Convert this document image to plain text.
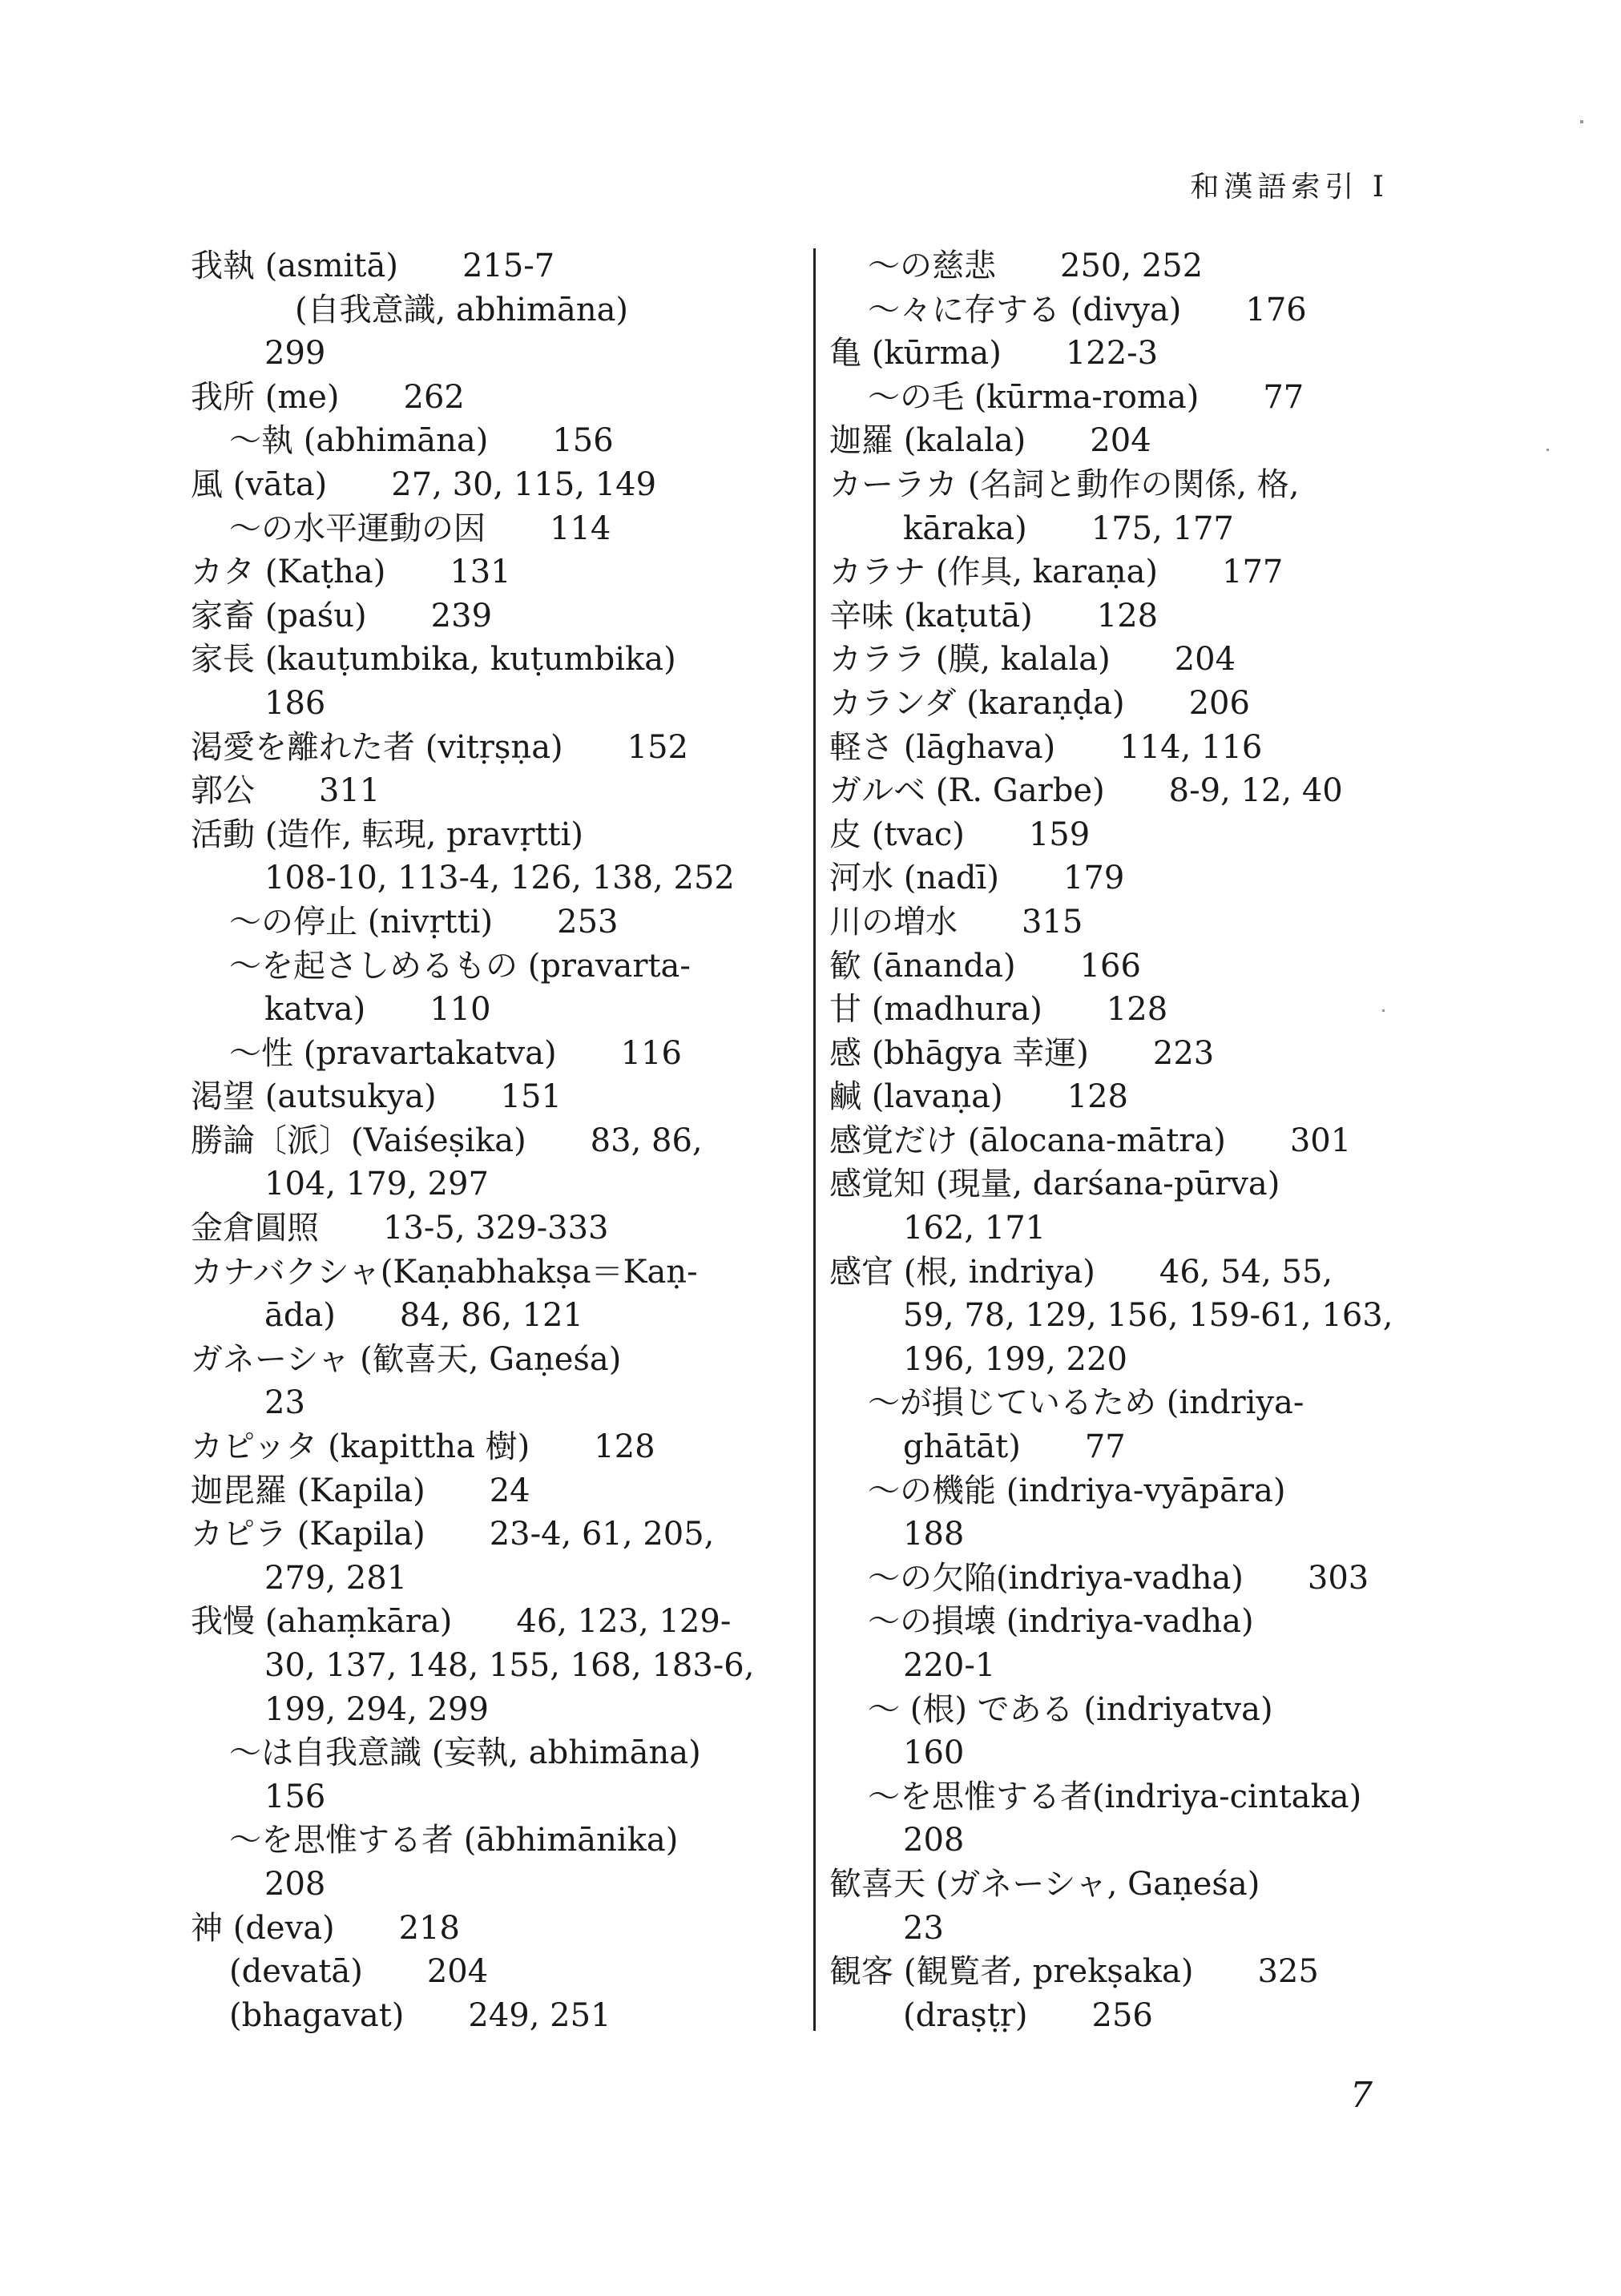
和漢語索引 I
我執 (asmitā)　　215-7
(自我意識, abhimāna)
299
我所 (me)　　262
～執 (abhimāna)　　156
風 (vāta)　　27, 30, 115, 149
～の水平運動の因　　114
カタ (Kaṭha)　　131
家畜 (paśu)　　239
家長 (kauṭumbika, kuṭumbika)
186
渇愛を離れた者 (vitṛṣṇa)　　152
郭公　　311
活動 (造作, 転現, pravṛtti)
108-10, 113-4, 126, 138, 252
～の停止 (nivṛtti)　　253
～を起さしめるもの (pravarta-
katva)　　110
～性 (pravartakatva)　　116
渇望 (autsukya)　　151
勝論〔派〕(Vaiśeṣika)　　83, 86,
104, 179, 297
金倉圓照　　13-5, 329-333
カナバクシャ(Kaṇabhakṣa＝Kaṇ-
āda)　　84, 86, 121
ガネーシャ (歓喜天, Gaṇeśa)
23
カピッタ (kapittha 樹)　　128
迦毘羅 (Kapila)　　24
カピラ (Kapila)　　23-4, 61, 205,
279, 281
我慢 (ahaṃkāra)　　46, 123, 129-
30, 137, 148, 155, 168, 183-6,
199, 294, 299
～は自我意識 (妄執, abhimāna)
156
～を思惟する者 (ābhimānika)
208
神 (deva)　　218
(devatā)　　204
(bhagavat)　　249, 251
～の慈悲　　250, 252
～々に存する (divya)　　176
亀 (kūrma)　　122-3
～の毛 (kūrma-roma)　　77
迦羅 (kalala)　　204
カーラカ (名詞と動作の関係, 格,
kāraka)　　175, 177
カラナ (作具, karaṇa)　　177
辛味 (kaṭutā)　　128
カララ (膜, kalala)　　204
カランダ (karaṇḍa)　　206
軽さ (lāghava)　　114, 116
ガルベ (R. Garbe)　　8-9, 12, 40
皮 (tvac)　　159
河水 (nadī)　　179
川の増水　　315
歓 (ānanda)　　166
甘 (madhura)　　128
感 (bhāgya 幸運)　　223
鹹 (lavaṇa)　　128
感覚だけ (ālocana-mātra)　　301
感覚知 (現量, darśana-pūrva)
162, 171
感官 (根, indriya)　　46, 54, 55,
59, 78, 129, 156, 159-61, 163,
196, 199, 220
～が損じているため (indriya-
ghātāt)　　77
～の機能 (indriya-vyāpāra)
188
～の欠陥(indriya-vadha)　　303
～の損壊 (indriya-vadha)
220-1
～ (根) である (indriyatva)
160
～を思惟する者(indriya-cintaka)
208
歓喜天 (ガネーシャ, Gaṇeśa)
23
観客 (観覧者, prekṣaka)　　325
(draṣṭṛ)　　256
7
